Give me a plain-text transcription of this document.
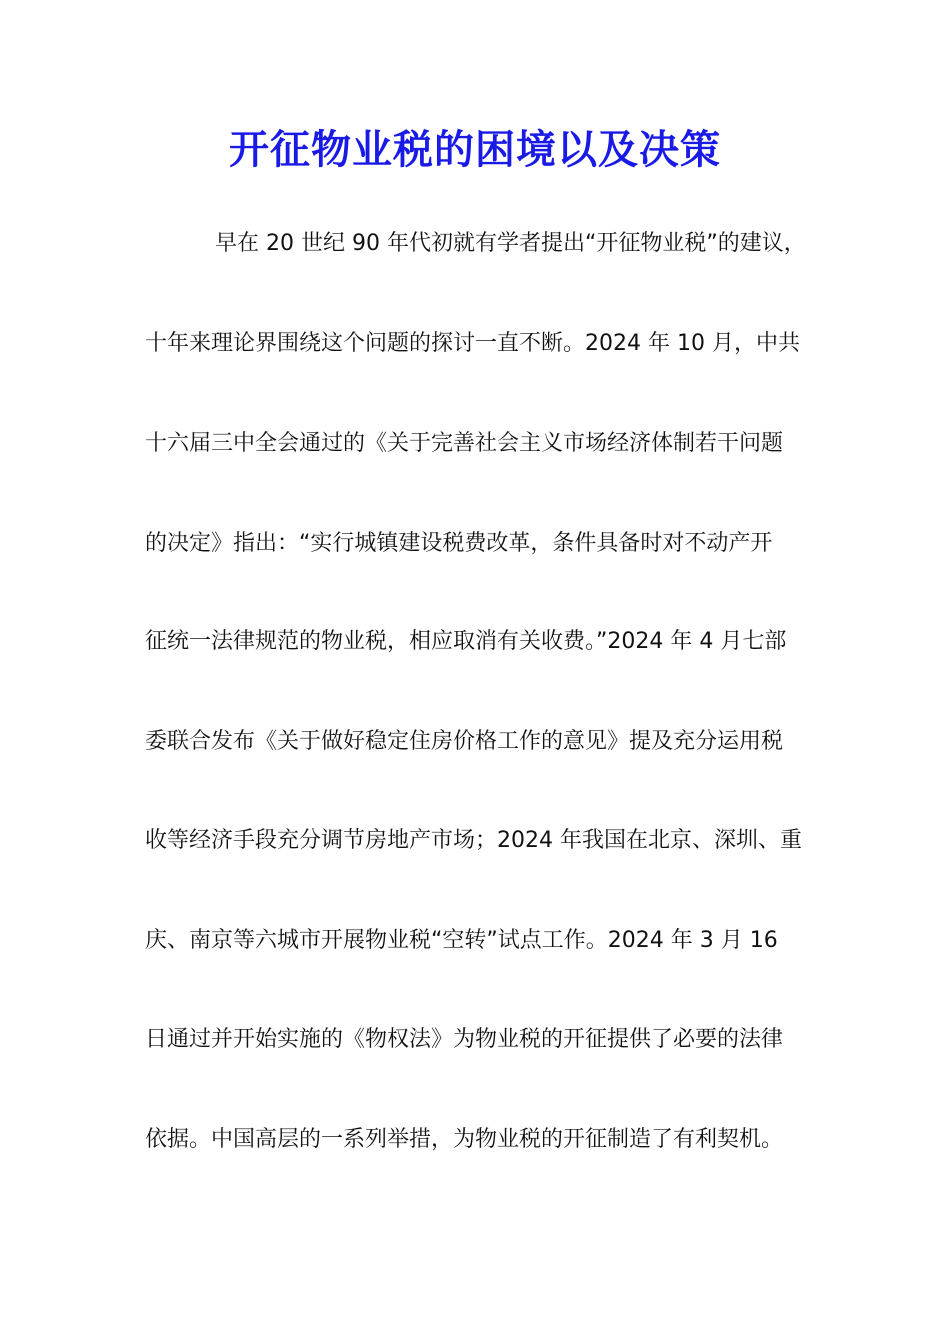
开征物业税的困境以及决策
早在 20 世纪 90 年代初就有学者提出“开征物业税”的建议，
十年来理论界围绕这个问题的探讨一直不断。2024 年 10 月，中共
十六届三中全会通过的《关于完善社会主义市场经济体制若干问题
的决定》指出：“实行城镇建设税费改革，条件具备时对不动产开
征统一法律规范的物业税，相应取消有关收费。”2024 年 4 月七部
委联合发布《关于做好稳定住房价格工作的意见》提及充分运用税
收等经济手段充分调节房地产市场；2024 年我国在北京、深圳、重
庆、南京等六城市开展物业税“空转”试点工作。2024 年 3 月 16
日通过并开始实施的《物权法》为物业税的开征提供了必要的法律
依据。中国高层的一系列举措，为物业税的开征制造了有利契机。
